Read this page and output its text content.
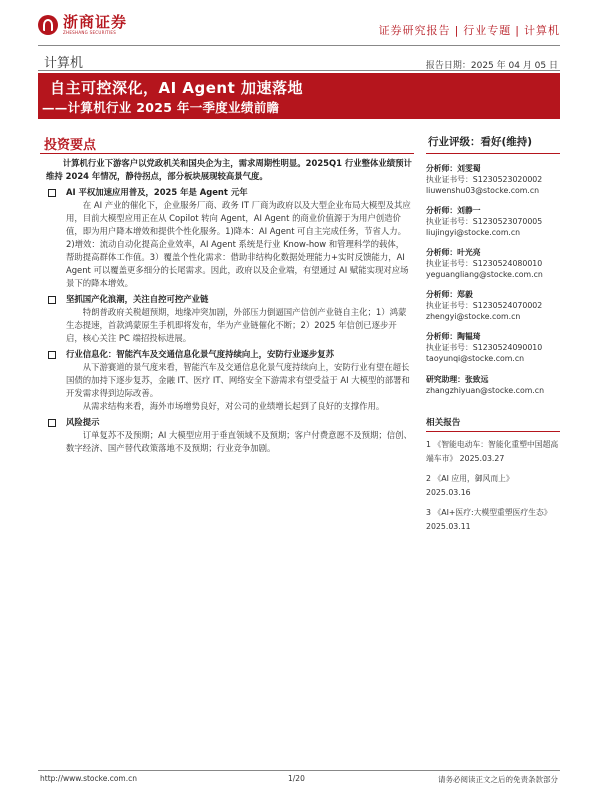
浙商证券
ZHESHANG SECURITIES	证券研究报告 | 行业专题 | 计算机
计算机	报告日期：2025 年 04 月 05 日
自主可控深化，AI Agent 加速落地
——计算机行业 2025 年一季度业绩前瞻
投资要点

计算机行业下游客户以党政机关和国央企为主，需求周期性明显。2025Q1 行业整体业绩预计维持 2024 年情况，静待拐点，部分板块展现较高景气度。

AI 平权加速应用普及，2025 年是 Agent 元年

在 AI 产业的催化下，企业服务厂商、政务 IT 厂商为政府以及大型企业布局大模型及其应用，目前大模型应用正在从 Copilot 转向 Agent，AI Agent 的商业价值源于为用户创造价值，即为用户降本增效和提供个性化服务。1)降本：AI Agent 可自主完成任务，节省人力。2)增效：流动自动化提高企业效率，AI Agent 系统是行业 Know-how 和管理科学的载体，帮助提高群体工作值。3）覆盖个性化需求：借助非结构化数据处理能力+实时反馈能力，AI Agent 可以覆盖更多细分的长尾需求。因此，政府以及企业端，有望通过 AI 赋能实现对应场景下的降本增效。

坚抓国产化浪潮，关注自控可控产业链

特朗普政府关税超预期，地缘冲突加剧，外部压力倒逼国产信创产业链自主化；1）鸿蒙生态提速，首款鸿蒙原生手机即将发布，华为产业链催化不断；2）2025 年信创已逐步开启，核心关注 PC 端招投标进展。

行业信息化：智能汽车及交通信息化景气度持续向上，安防行业逐步复苏

从下游赛道的景气度来看，智能汽车及交通信息化景气度持续向上，安防行业有望在超长国债的加持下逐步复苏，金融 IT、医疗 IT、网络安全下游需求有望受益于 AI 大模型的部署和开发需求得到边际改善。

从需求结构来看，海外市场增势良好，对公司的业绩增长起到了良好的支撑作用。

风险提示

订单复苏不及预期；AI 大模型应用于垂直领域不及预期；客户付费意愿不及预期；信创、数字经济、国产替代政策落地不及预期；行业竞争加剧。

行业评级：看好(维持)
分析师：刘雯蜀
执业证书号：S1230523020002
liuwenshu03@stocke.com.cn
分析师：刘静一
执业证书号：S1230523070005
liujingyi@stocke.com.cn
分析师：叶光亮
执业证书号：S1230524080010
yeguangliang@stocke.com.cn
分析师：郑毅
执业证书号：S1230524070002
zhengyi@stocke.com.cn
分析师：陶韫琦
执业证书号：S1230524090010
taoyunqi@stocke.com.cn
研究助理：张致远
zhangzhiyuan@stocke.com.cn
相关报告
1 《智能电动车：智能化重塑中国超高端车市》 2025.03.27
2 《AI 应用，御风而上》
2025.03.16
3 《AI+医疗:大模型重塑医疗生态》 2025.03.11
http://www.stocke.com.cn	1/20	请务必阅读正文之后的免责条款部分
